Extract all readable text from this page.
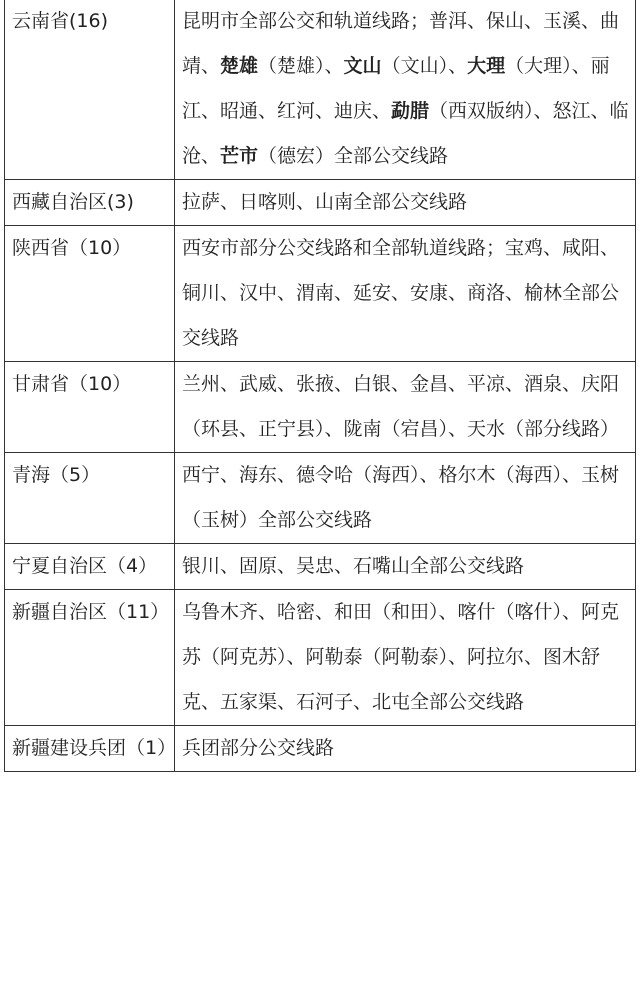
云南省(16)	昆明市全部公交和轨道线路；普洱、保山、玉溪、曲靖、楚雄（楚雄）、文山（文山）、大理（大理）、丽江、昭通、红河、迪庆、勐腊（西双版纳）、怒江、临沧、芒市（德宏）全部公交线路
西藏自治区(3)	拉萨、日喀则、山南全部公交线路
陕西省（10）	西安市部分公交线路和全部轨道线路；宝鸡、咸阳、铜川、汉中、渭南、延安、安康、商洛、榆林全部公交线路
甘肃省（10）	兰州、武威、张掖、白银、金昌、平凉、酒泉、庆阳（环县、正宁县）、陇南（宕昌）、天水（部分线路）
青海（5）	西宁、海东、德令哈（海西）、格尔木（海西）、玉树（玉树）全部公交线路
宁夏自治区（4）	银川、固原、吴忠、石嘴山全部公交线路
新疆自治区（11）	乌鲁木齐、哈密、和田（和田）、喀什（喀什）、阿克苏（阿克苏）、阿勒泰（阿勒泰）、阿拉尔、图木舒克、五家渠、石河子、北屯全部公交线路
新疆建设兵团（1）	兵团部分公交线路
